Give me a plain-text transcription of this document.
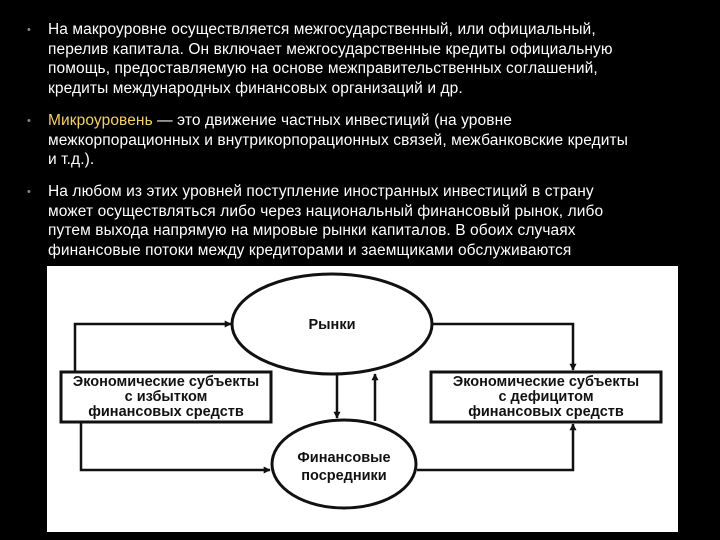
• На макроуровне осуществляется межгосударственный, или официальный,
перелив капитала. Он включает межгосударственные кредиты официальную
помощь, предоставляемую на основе межправительственных соглашений,
кредиты международных финансовых организаций и др.
• Микроуровень — это движение частных инвестиций (на уровне
межкорпорационных и внутрикорпорационных связей, межбанковские кредиты
и т.д.).
• На любом из этих уровней поступление иностранных инвестиций в страну
может осуществляться либо через национальный финансовый рынок, либо
путем выхода напрямую на мировые рынки капиталов. В обоих случаях
финансовые потоки между кредиторами и заемщиками обслуживаются
Рынки
Финансовые
посредники
Экономические субъекты
с избытком
финансовых средств
Экономические субъекты
с дефицитом
финансовых средств
